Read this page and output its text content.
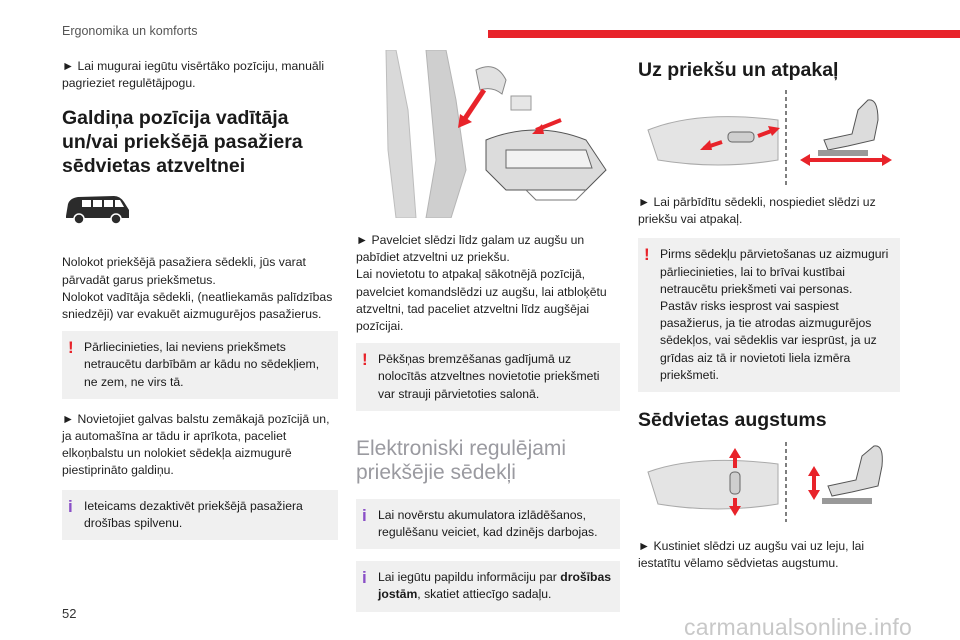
Ergonomika un komforts

► Lai mugurai iegūtu visērtāko pozīciju, manuāli pagrieziet regulētājpogu.

Galdiņa pozīcija vadītāja un/vai priekšējā pasažiera sēdvietas atzveltnei

Nolokot priekšējā pasažiera sēdekli, jūs varat pārvadāt garus priekšmetus.
Nolokot vadītāja sēdekli, (neatliekamās palīdzības sniedzēji) var evakuēt aizmugurējos pasažierus.

! Pārliecinieties, lai neviens priekšmets netraucētu darbībām ar kādu no sēdekļiem, ne zem, ne virs tā.

► Novietojiet galvas balstu zemākajā pozīcijā un, ja automašīna ar tādu ir aprīkota, paceliet elkoņbalstu un nolokiet sēdekļa aizmugurē piestiprināto galdiņu.

i Ieteicams dezaktivēt priekšējā pasažiera drošības spilvenu.

► Pavelciet slēdzi līdz galam uz augšu un pabīdiet atzveltni uz priekšu.
Lai novietotu to atpakaļ sākotnējā pozīcijā, pavelciet komandslēdzi uz augšu, lai atbloķētu atzveltni, tad paceliet atzveltni līdz augšējai pozīcijai.

! Pēkšņas bremzēšanas gadījumā uz nolocītās atzveltnes novietotie priekšmeti var strauji pārvietoties salonā.
Elektroniski regulējami priekšējie sēdekļi
i Lai novērstu akumulatora izlādēšanos, regulēšanu veiciet, kad dzinējs darbojas.
i Lai iegūtu papildu informāciju par drošības jostām, skatiet attiecīgo sadaļu.
Uz priekšu un atpakaļ

► Lai pārbīdītu sēdekli, nospiediet slēdzi uz priekšu vai atpakaļ.

! Pirms sēdekļu pārvietošanas uz aizmuguri pārliecinieties, lai to brīvai kustībai netraucētu priekšmeti vai personas. Pastāv risks iesprost vai saspiest pasažierus, ja tie atrodas aizmugurējos sēdekļos, vai sēdeklis var iesprūst, ja uz grīdas aiz tā ir novietoti liela izmēra priekšmeti.
Sēdvietas augstums

► Kustiniet slēdzi uz augšu vai uz leju, lai iestatītu vēlamo sēdvietas augstumu.

52
carmanualsonline.info
